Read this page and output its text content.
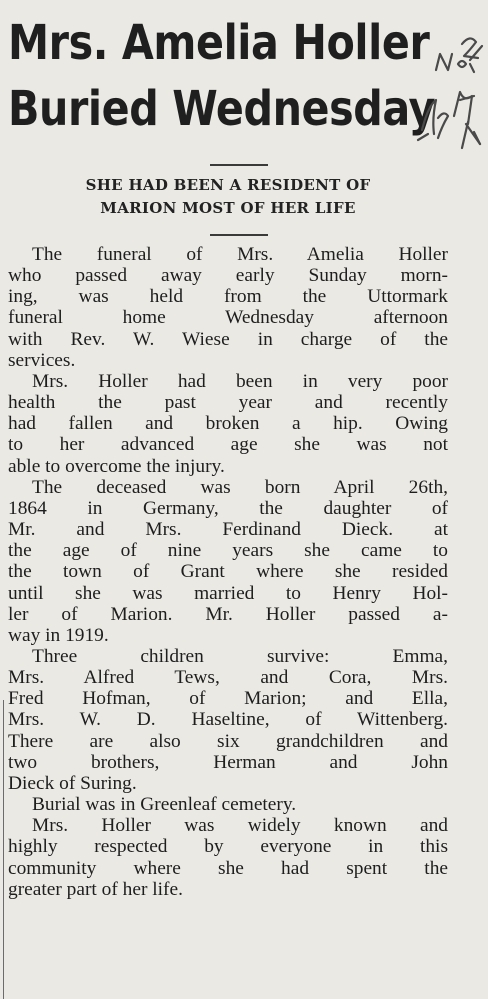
Mrs. Amelia Holler
Buried Wednesday
SHE HAD BEEN A RESIDENT OF
MARION MOST OF HER LIFE
The funeral of Mrs. Amelia Holler
who passed away early Sunday morn-
ing, was held from the Uttormark
funeral home Wednesday afternoon
with Rev. W. Wiese in charge of the
services.
Mrs. Holler had been in very poor
health the past year and recently
had fallen and broken a hip. Owing
to her advanced age she was not
able to overcome the injury.
The deceased was born April 26th,
1864 in Germany, the daughter of
Mr. and Mrs. Ferdinand Dieck. at
the age of nine years she came to
the town of Grant where she resided
until she was married to Henry Hol-
ler of Marion. Mr. Holler passed a-
way in 1919.
Three children survive: Emma,
Mrs. Alfred Tews, and Cora, Mrs.
Fred Hofman, of Marion; and Ella,
Mrs. W. D. Haseltine, of Wittenberg.
There are also six grandchildren and
two brothers, Herman and John
Dieck of Suring.
Burial was in Greenleaf cemetery.
Mrs. Holler was widely known and
highly respected by everyone in this
community where she had spent the
greater part of her life.
